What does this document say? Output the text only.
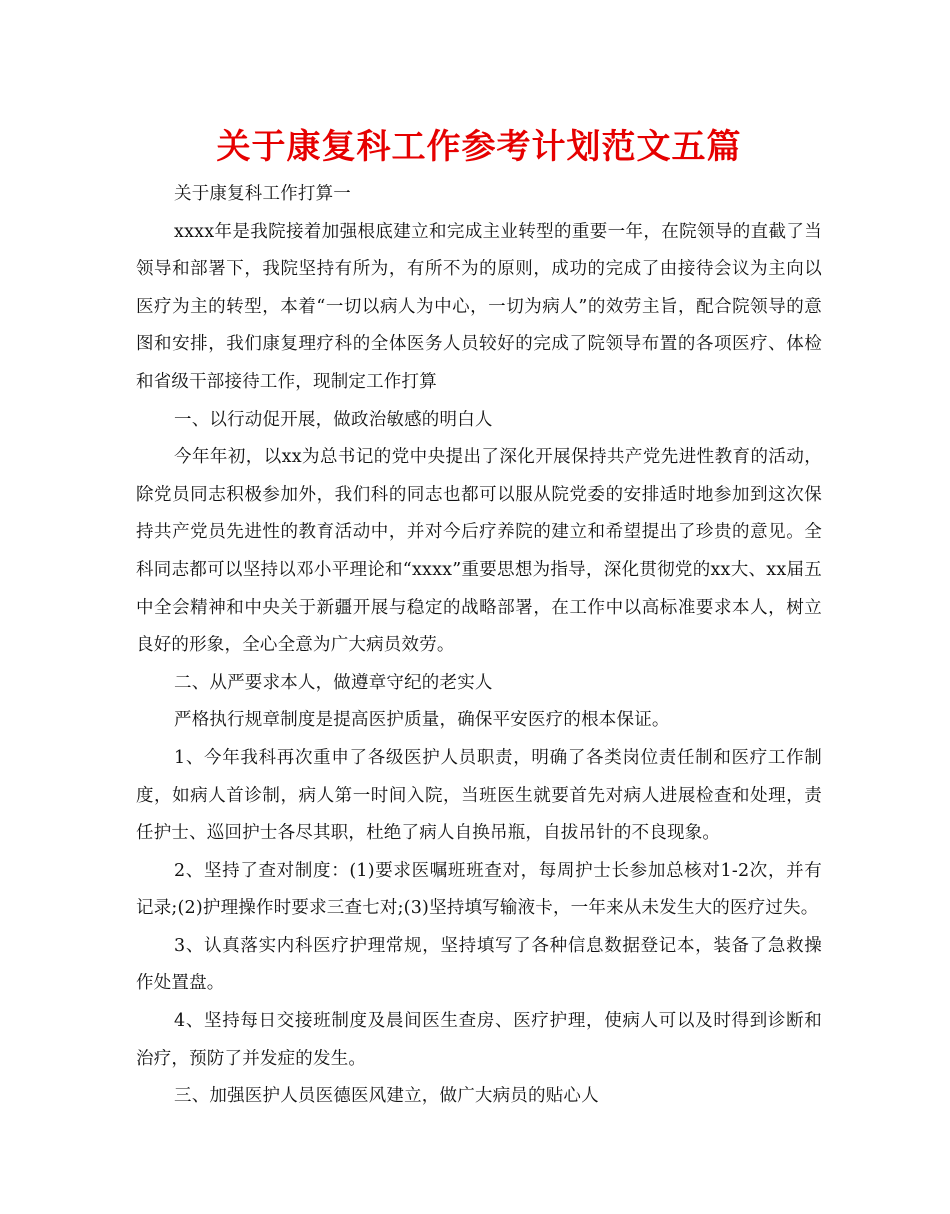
关于康复科工作参考计划范文五篇

关于康复科工作打算一

xxxx年是我院接着加强根底建立和完成主业转型的重要一年，在院领导的直截了当领导和部署下，我院坚持有所为，有所不为的原则，成功的完成了由接待会议为主向以医疗为主的转型，本着“一切以病人为中心，一切为病人”的效劳主旨，配合院领导的意图和安排，我们康复理疗科的全体医务人员较好的完成了院领导布置的各项医疗、体检和省级干部接待工作，现制定工作打算

一、以行动促开展，做政治敏感的明白人

今年年初，以xx为总书记的党中央提出了深化开展保持共产党先进性教育的活动，除党员同志积极参加外，我们科的同志也都可以服从院党委的安排适时地参加到这次保持共产党员先进性的教育活动中，并对今后疗养院的建立和希望提出了珍贵的意见。全科同志都可以坚持以邓小平理论和“xxxx”重要思想为指导，深化贯彻党的xx大、xx届五中全会精神和中央关于新疆开展与稳定的战略部署，在工作中以高标准要求本人，树立良好的形象，全心全意为广大病员效劳。

二、从严要求本人，做遵章守纪的老实人

严格执行规章制度是提高医护质量，确保平安医疗的根本保证。

1、今年我科再次重申了各级医护人员职责，明确了各类岗位责任制和医疗工作制度，如病人首诊制，病人第一时间入院，当班医生就要首先对病人进展检查和处理，责任护士、巡回护士各尽其职，杜绝了病人自换吊瓶，自拔吊针的不良现象。

2、坚持了查对制度：(1)要求医嘱班班查对，每周护士长参加总核对1-2次，并有记录;(2)护理操作时要求三查七对;(3)坚持填写输液卡，一年来从未发生大的医疗过失。

3、认真落实内科医疗护理常规，坚持填写了各种信息数据登记本，装备了急救操作处置盘。

4、坚持每日交接班制度及晨间医生查房、医疗护理，使病人可以及时得到诊断和治疗，预防了并发症的发生。

三、加强医护人员医德医风建立，做广大病员的贴心人
